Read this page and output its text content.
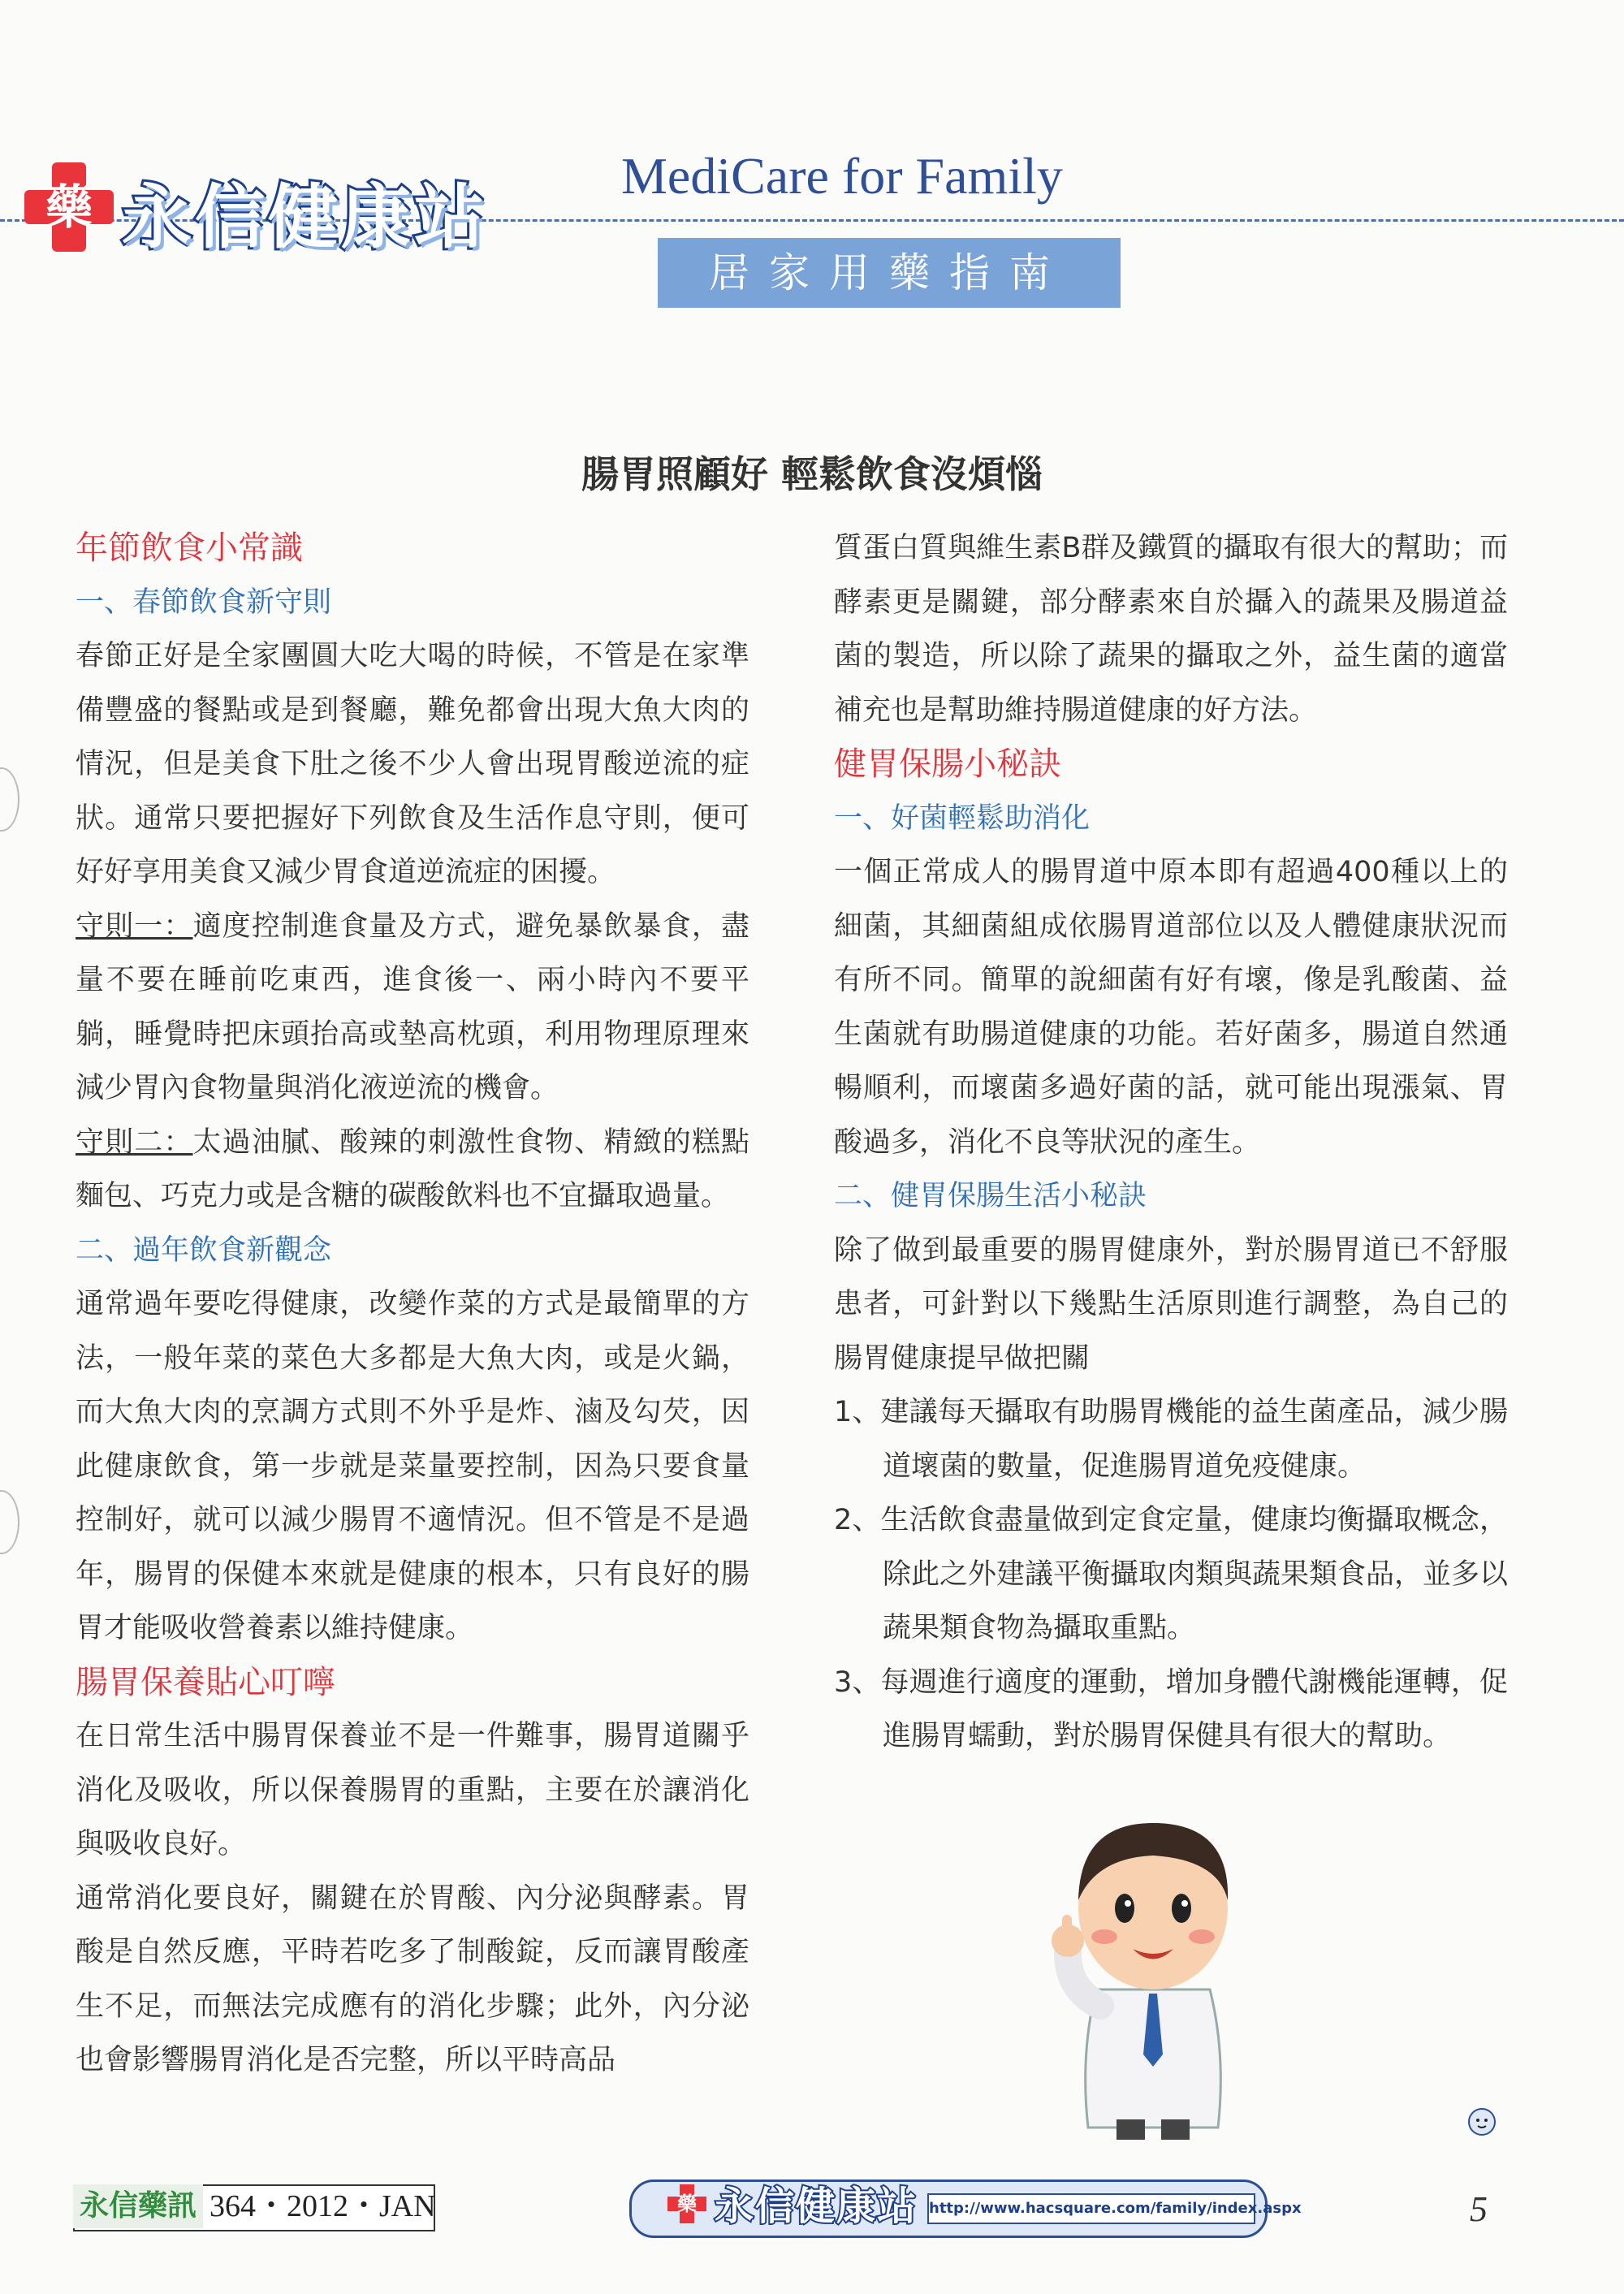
藥 永信健康站
MediCare for Family
居家用藥指南
腸胃照顧好 輕鬆飲食沒煩惱
年節飲食小常識
一、春節飲食新守則
春節正好是全家團圓大吃大喝的時候，不管是在家準備豐盛的餐點或是到餐廳，難免都會出現大魚大肉的情況，但是美食下肚之後不少人會出現胃酸逆流的症狀。通常只要把握好下列飲食及生活作息守則，便可好好享用美食又減少胃食道逆流症的困擾。
守則一：適度控制進食量及方式，避免暴飲暴食，盡量不要在睡前吃東西，進食後一、兩小時內不要平躺，睡覺時把床頭抬高或墊高枕頭，利用物理原理來減少胃內食物量與消化液逆流的機會。
守則二：太過油膩、酸辣的刺激性食物、精緻的糕點麵包、巧克力或是含糖的碳酸飲料也不宜攝取過量。
二、過年飲食新觀念
通常過年要吃得健康，改變作菜的方式是最簡單的方法，一般年菜的菜色大多都是大魚大肉，或是火鍋，而大魚大肉的烹調方式則不外乎是炸、滷及勾芡，因此健康飲食，第一步就是菜量要控制，因為只要食量控制好，就可以減少腸胃不適情況。但不管是不是過年，腸胃的保健本來就是健康的根本，只有良好的腸胃才能吸收營養素以維持健康。
腸胃保養貼心叮嚀
在日常生活中腸胃保養並不是一件難事，腸胃道關乎消化及吸收，所以保養腸胃的重點，主要在於讓消化與吸收良好。
通常消化要良好，關鍵在於胃酸、內分泌與酵素。胃酸是自然反應，平時若吃多了制酸錠，反而讓胃酸產生不足，而無法完成應有的消化步驟；此外，內分泌也會影響腸胃消化是否完整，所以平時高品
質蛋白質與維生素B群及鐵質的攝取有很大的幫助；而酵素更是關鍵，部分酵素來自於攝入的蔬果及腸道益菌的製造，所以除了蔬果的攝取之外，益生菌的適當補充也是幫助維持腸道健康的好方法。
健胃保腸小秘訣
一、好菌輕鬆助消化
一個正常成人的腸胃道中原本即有超過400種以上的細菌，其細菌組成依腸胃道部位以及人體健康狀況而有所不同。簡單的說細菌有好有壞，像是乳酸菌、益生菌就有助腸道健康的功能。若好菌多，腸道自然通暢順利，而壞菌多過好菌的話，就可能出現漲氣、胃酸過多，消化不良等狀況的產生。
二、健胃保腸生活小秘訣
除了做到最重要的腸胃健康外，對於腸胃道已不舒服患者，可針對以下幾點生活原則進行調整，為自己的腸胃健康提早做把關
1、建議每天攝取有助腸胃機能的益生菌產品，減少腸道壞菌的數量，促進腸胃道免疫健康。
2、生活飲食盡量做到定食定量，健康均衡攝取概念，除此之外建議平衡攝取肉類與蔬果類食品，並多以蔬果類食物為攝取重點。
3、每週進行適度的運動，增加身體代謝機能運轉，促進腸胃蠕動，對於腸胃保健具有很大的幫助。
永信藥訊 364・2012・JAN	藥 永信健康站 http://www.hacsquare.com/family/index.aspx	5
